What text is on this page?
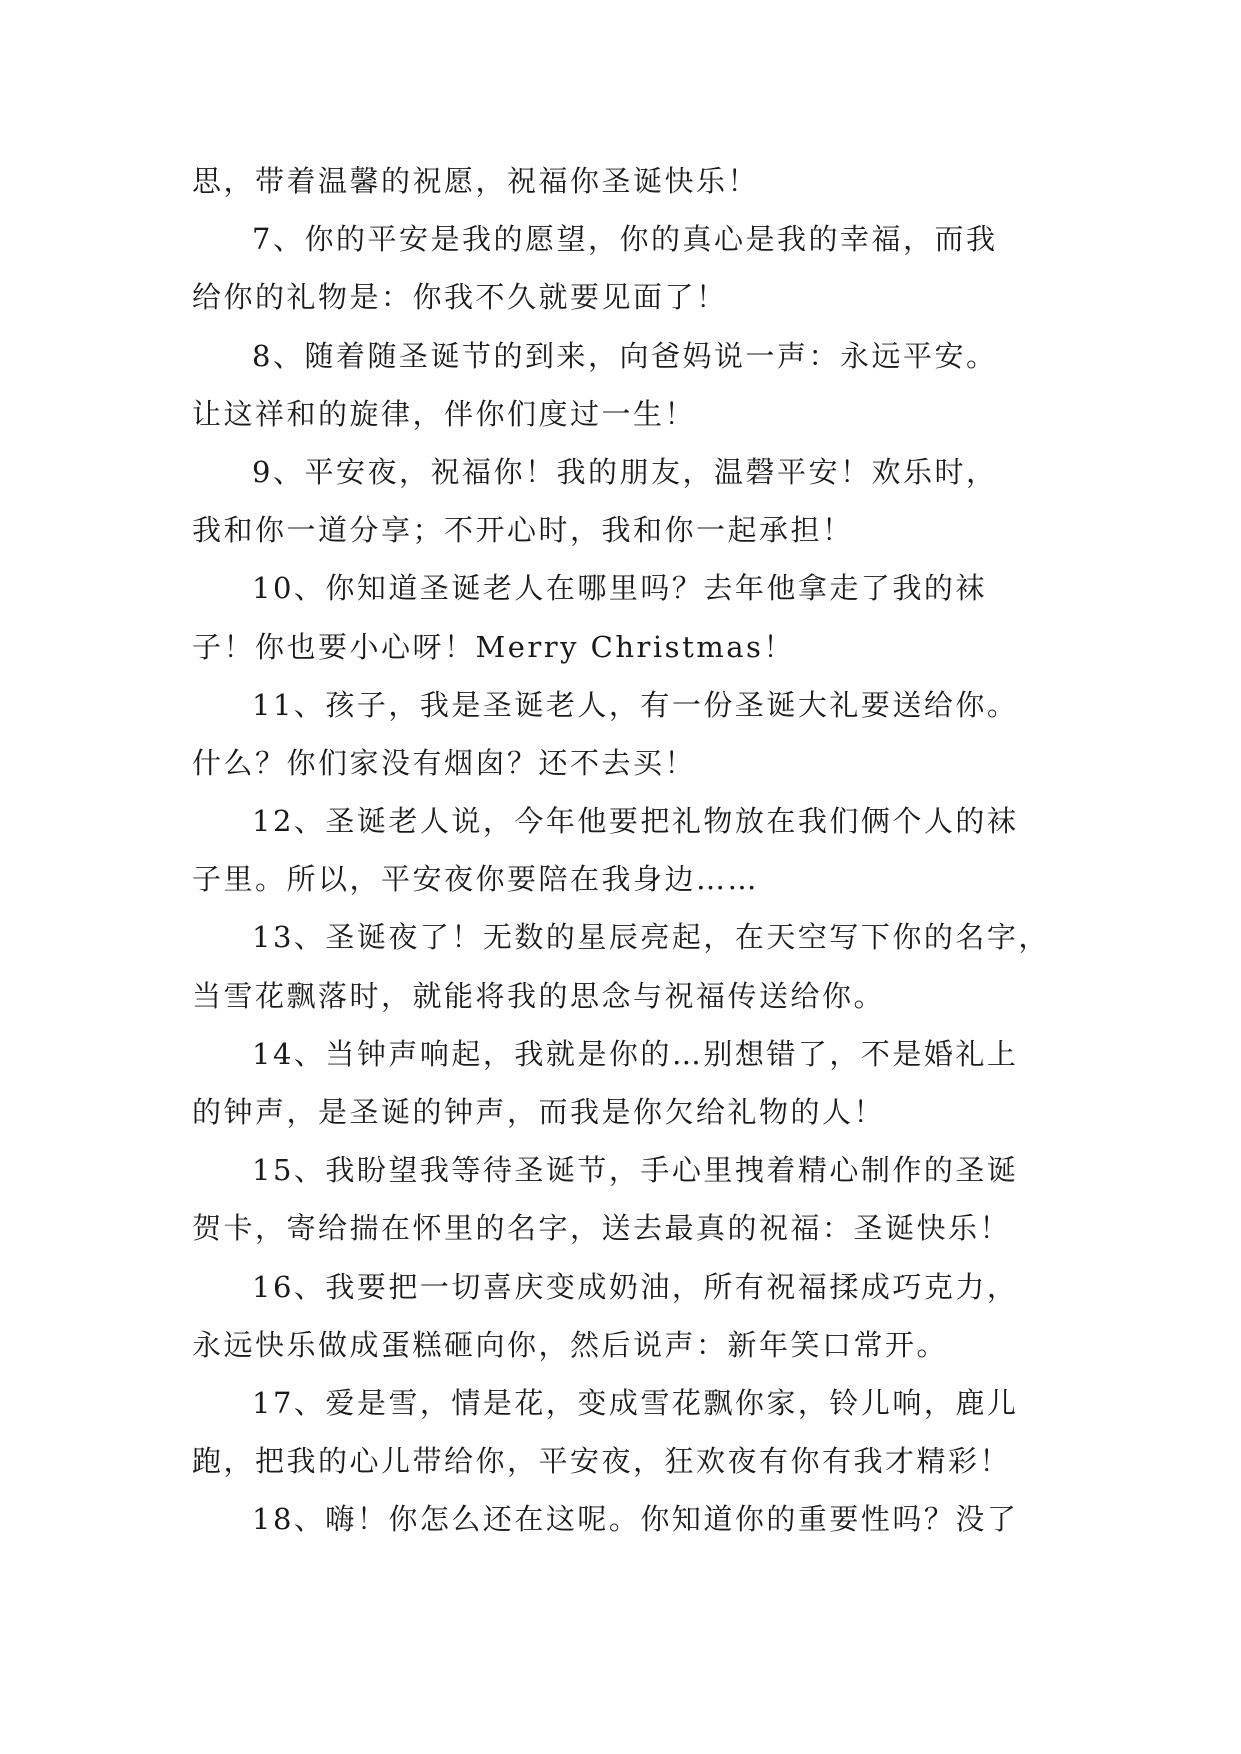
思，带着温馨的祝愿，祝福你圣诞快乐！
7、你的平安是我的愿望，你的真心是我的幸福，而我
给你的礼物是：你我不久就要见面了！
8、随着随圣诞节的到来，向爸妈说一声：永远平安。
让这祥和的旋律，伴你们度过一生！
9、平安夜，祝福你！我的朋友，温磬平安！欢乐时，
我和你一道分享；不开心时，我和你一起承担！
10、你知道圣诞老人在哪里吗？去年他拿走了我的袜
子！你也要小心呀！Merry Christmas！
11、孩子，我是圣诞老人，有一份圣诞大礼要送给你。
什么？你们家没有烟囱？还不去买！
12、圣诞老人说，今年他要把礼物放在我们俩个人的袜
子里。所以，平安夜你要陪在我身边……
13、圣诞夜了！无数的星辰亮起，在天空写下你的名字，
当雪花飘落时，就能将我的思念与祝福传送给你。
14、当钟声响起，我就是你的…别想错了，不是婚礼上
的钟声，是圣诞的钟声，而我是你欠给礼物的人！
15、我盼望我等待圣诞节，手心里拽着精心制作的圣诞
贺卡，寄给揣在怀里的名字，送去最真的祝福：圣诞快乐！
16、我要把一切喜庆变成奶油，所有祝福揉成巧克力，
永远快乐做成蛋糕砸向你，然后说声：新年笑口常开。
17、爱是雪，情是花，变成雪花飘你家，铃儿响，鹿儿
跑，把我的心儿带给你，平安夜，狂欢夜有你有我才精彩！
18、嗨！你怎么还在这呢。你知道你的重要性吗？没了
